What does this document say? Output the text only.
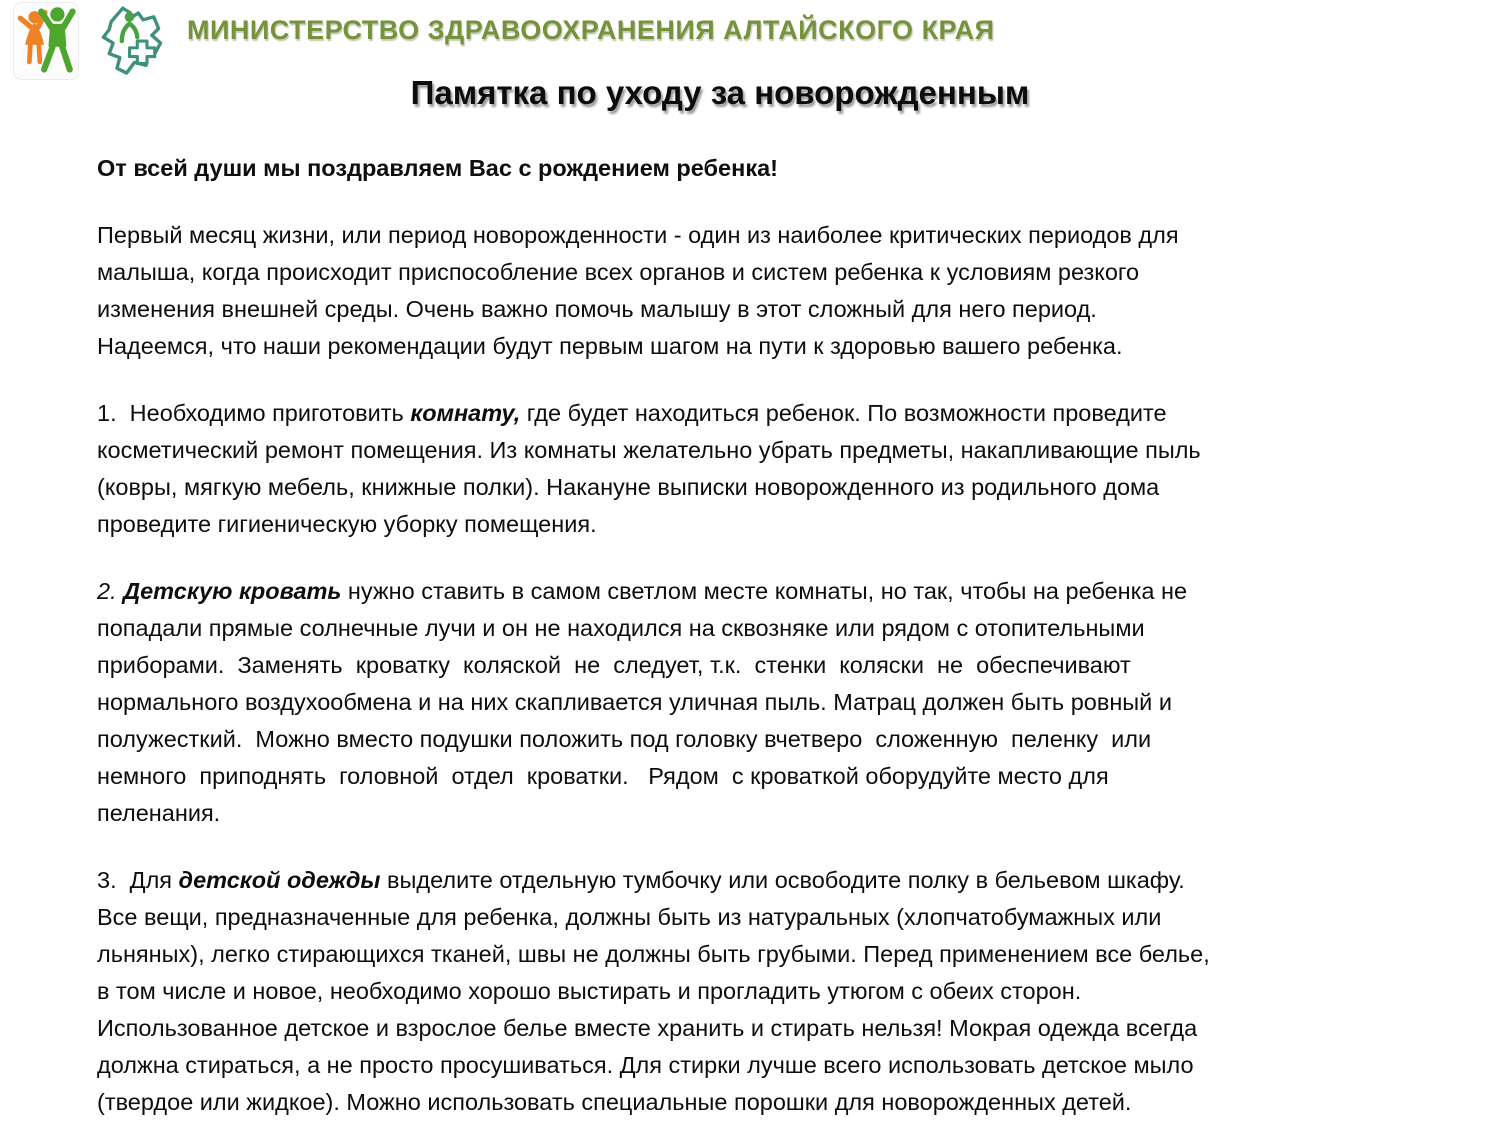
МИНИСТЕРСТВО ЗДРАВООХРАНЕНИЯ АЛТАЙСКОГО КРАЯ
Памятка по уходу за новорожденным

От всей души мы поздравляем Вас с рождением ребенка!

Первый месяц жизни, или период новорожденности - один из наиболее критических периодов для
малыша, когда происходит приспособление всех органов и систем ребенка к условиям резкого
изменения внешней среды. Очень важно помочь малышу в этот сложный для него период.
Надеемся, что наши рекомендации будут первым шагом на пути к здоровью вашего ребенка.

1.  Необходимо приготовить комнату, где будет находиться ребенок. По возможности проведите
косметический ремонт помещения. Из комнаты желательно убрать предметы, накапливающие пыль
(ковры, мягкую мебель, книжные полки). Накануне выписки новорожденного из родильного дома
проведите гигиеническую уборку помещения.

2. Детскую кровать нужно ставить в самом светлом месте комнаты, но так, чтобы на ребенка не
попадали прямые солнечные лучи и он не находился на сквозняке или рядом с отопительными
приборами.  Заменять  кроватку  коляской  не  следует, т.к.  стенки  коляски  не  обеспечивают
нормального воздухообмена и на них скапливается уличная пыль. Матрац должен быть ровный и
полужесткий.  Можно вместо подушки положить под головку вчетверо  сложенную  пеленку  или
немного  приподнять  головной  отдел  кроватки.   Рядом  с кроваткой оборудуйте место для
пеленания.

3.  Для детской одежды выделите отдельную тумбочку или освободите полку в бельевом шкафу.
Все вещи, предназначенные для ребенка, должны быть из натуральных (хлопчатобумажных или
льняных), легко стирающихся тканей, швы не должны быть грубыми. Перед применением все белье,
в том числе и новое, необходимо хорошо выстирать и прогладить утюгом с обеих сторон.
Использованное детское и взрослое белье вместе хранить и стирать нельзя! Мокрая одежда всегда
должна стираться, а не просто просушиваться. Для стирки лучше всего использовать детское мыло
(твердое или жидкое). Можно использовать специальные порошки для новорожденных детей.
